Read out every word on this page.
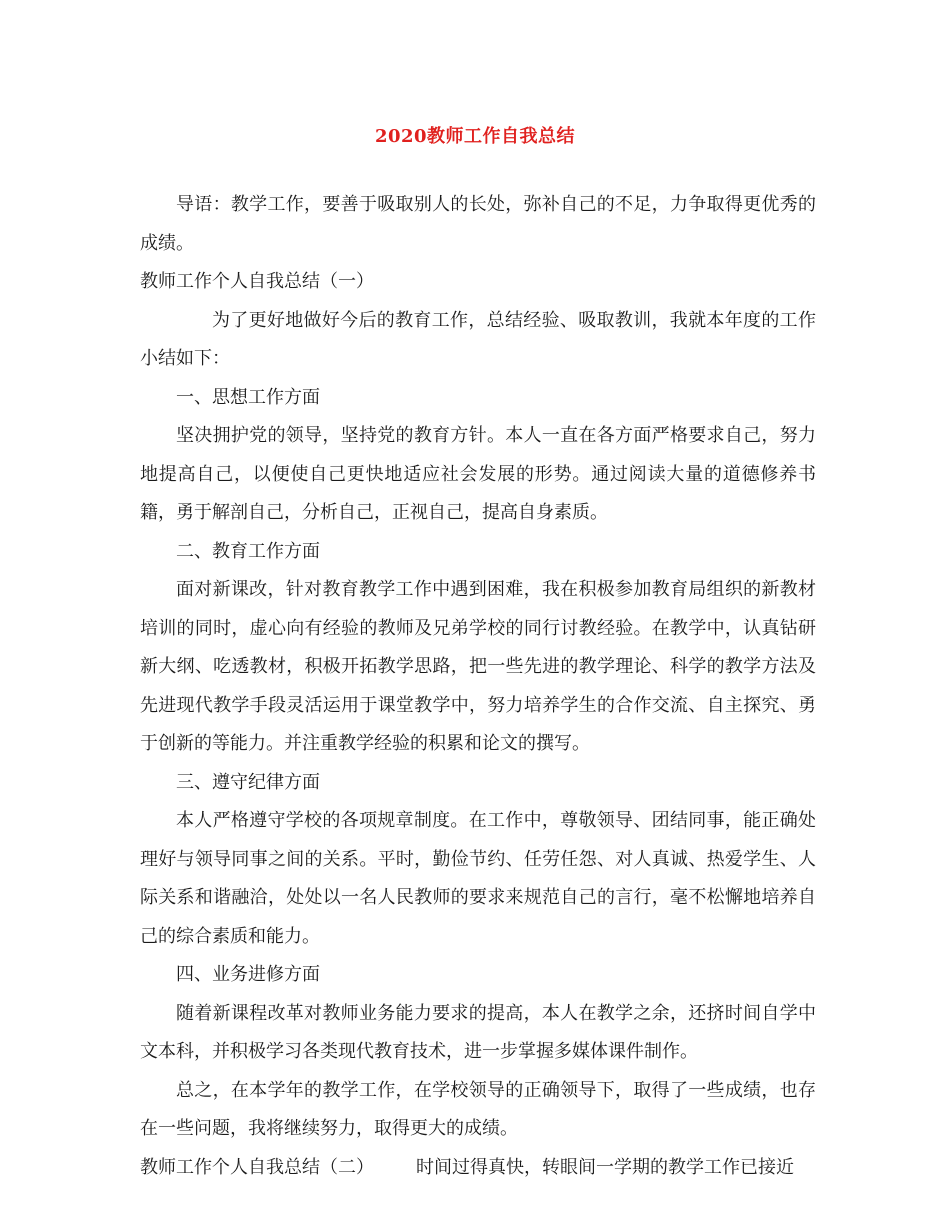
2020教师工作自我总结

导语：教学工作，要善于吸取别人的长处，弥补自己的不足，力争取得更优秀的成绩。

教师工作个人自我总结（一）

为了更好地做好今后的教育工作，总结经验、吸取教训，我就本年度的工作小结如下：

一、思想工作方面

坚决拥护党的领导，坚持党的教育方针。本人一直在各方面严格要求自己，努力地提高自己，以便使自己更快地适应社会发展的形势。通过阅读大量的道德修养书籍，勇于解剖自己，分析自己，正视自己，提高自身素质。

二、教育工作方面

面对新课改，针对教育教学工作中遇到困难，我在积极参加教育局组织的新教材培训的同时，虚心向有经验的教师及兄弟学校的同行讨教经验。在教学中，认真钻研新大纲、吃透教材，积极开拓教学思路，把一些先进的教学理论、科学的教学方法及先进现代教学手段灵活运用于课堂教学中，努力培养学生的合作交流、自主探究、勇于创新的等能力。并注重教学经验的积累和论文的撰写。

三、遵守纪律方面

本人严格遵守学校的各项规章制度。在工作中，尊敬领导、团结同事，能正确处理好与领导同事之间的关系。平时，勤俭节约、任劳任怨、对人真诚、热爱学生、人际关系和谐融洽，处处以一名人民教师的要求来规范自己的言行，毫不松懈地培养自己的综合素质和能力。

四、业务进修方面

随着新课程改革对教师业务能力要求的提高，本人在教学之余，还挤时间自学中文本科，并积极学习各类现代教育技术，进一步掌握多媒体课件制作。

总之，在本学年的教学工作，在学校领导的正确领导下，取得了一些成绩，也存在一些问题，我将继续努力，取得更大的成绩。

教师工作个人自我总结（二） 时间过得真快，转眼间一学期的教学工作已接近
